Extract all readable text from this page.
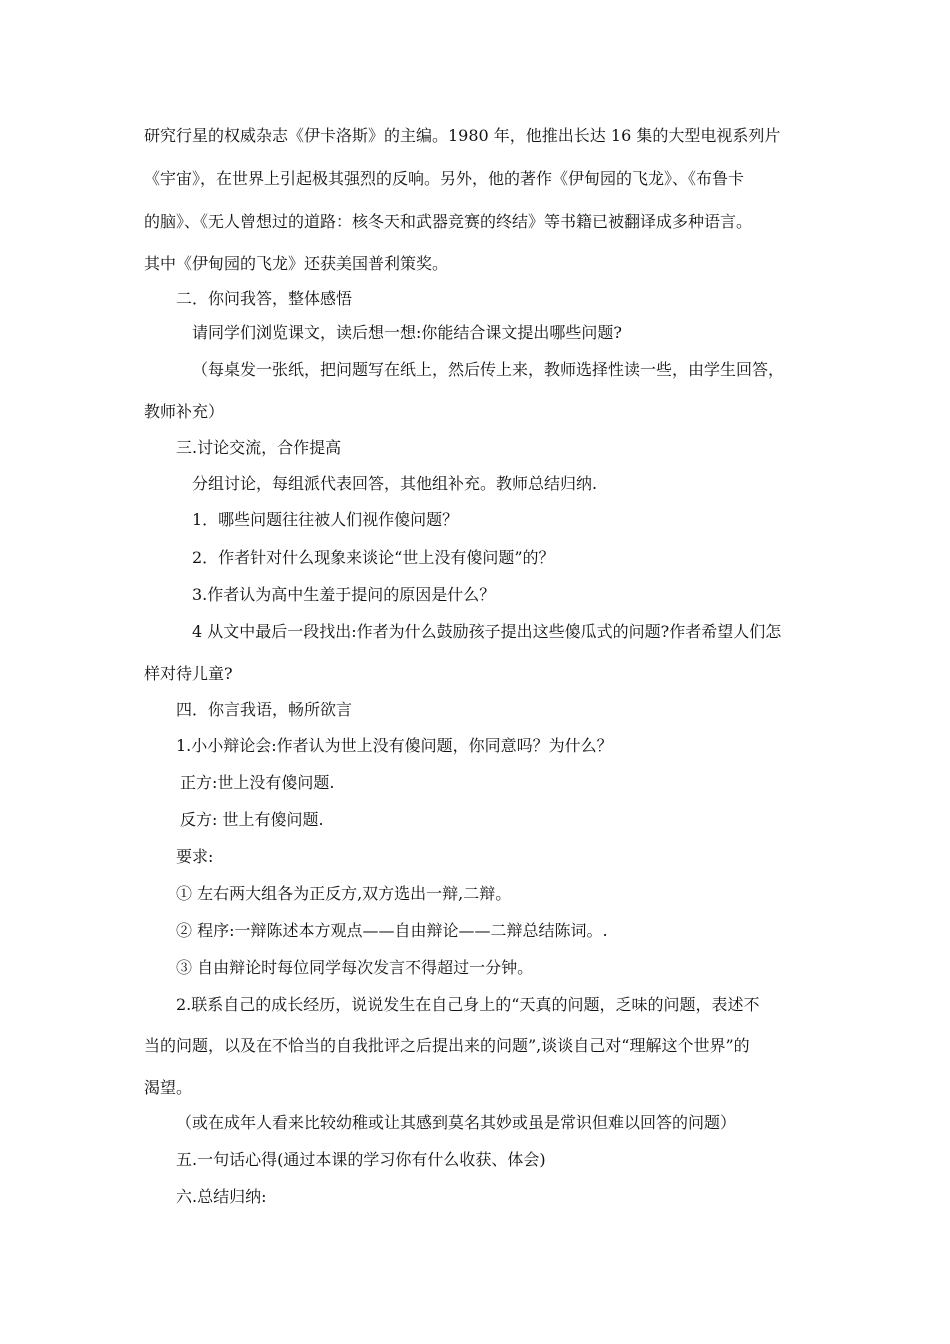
研究行星的权威杂志《伊卡洛斯》的主编。1980 年，他推出长达 16 集的大型电视系列片
《宇宙》，在世界上引起极其强烈的反响。另外，他的著作《伊甸园的飞龙》、《布鲁卡
的脑》、《无人曾想过的道路：核冬天和武器竞赛的终结》等书籍已被翻译成多种语言。
其中《伊甸园的飞龙》还获美国普利策奖。
二．你问我答，整体感悟
请同学们浏览课文，读后想一想:你能结合课文提出哪些问题?
（每桌发一张纸，把问题写在纸上，然后传上来，教师选择性读一些，由学生回答，
教师补充）
三.讨论交流，合作提高
分组讨论，每组派代表回答，其他组补充。教师总结归纳.
1．哪些问题往往被人们视作傻问题？
2．作者针对什么现象来谈论“世上没有傻问题”的？
3.作者认为高中生羞于提问的原因是什么？
4 从文中最后一段找出:作者为什么鼓励孩子提出这些傻瓜式的问题?作者希望人们怎
样对待儿童?
四．你言我语，畅所欲言
1.小小辩论会:作者认为世上没有傻问题，你同意吗？为什么？
正方:世上没有傻问题.
反方: 世上有傻问题.
要求:
① 左右两大组各为正反方,双方选出一辩,二辩。
② 程序:一辩陈述本方观点——自由辩论——二辩总结陈词。.
③ 自由辩论时每位同学每次发言不得超过一分钟。
2.联系自己的成长经历，说说发生在自己身上的“天真的问题，乏味的问题，表述不
当的问题，以及在不恰当的自我批评之后提出来的问题”,谈谈自己对“理解这个世界”的
渴望。
（或在成年人看来比较幼稚或让其感到莫名其妙或虽是常识但难以回答的问题）
五.一句话心得(通过本课的学习你有什么收获、体会)
六.总结归纳:
